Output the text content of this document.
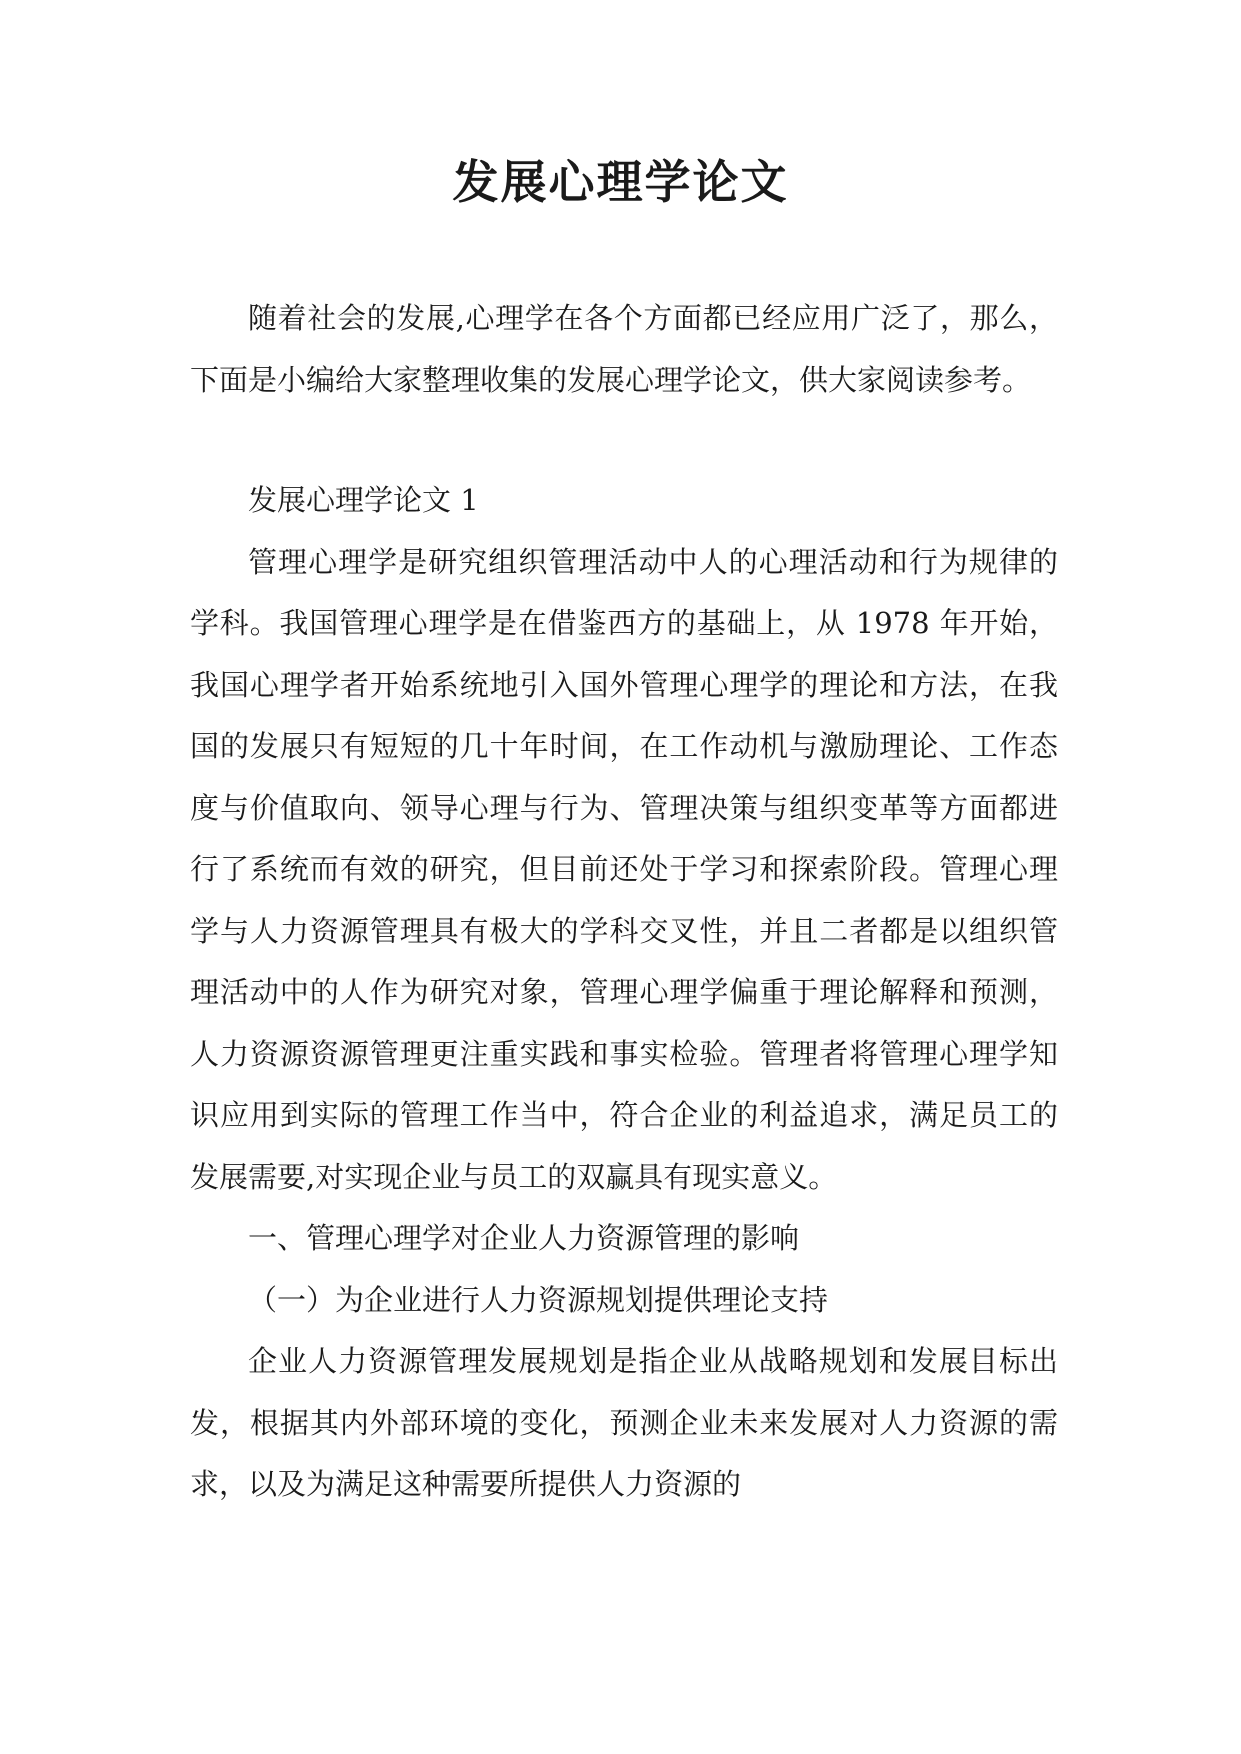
发展心理学论文

随着社会的发展,心理学在各个方面都已经应用广泛了，那么，下面是小编给大家整理收集的发展心理学论文，供大家阅读参考。

发展心理学论文 1

管理心理学是研究组织管理活动中人的心理活动和行为规律的学科。我国管理心理学是在借鉴西方的基础上，从 1978 年开始，我国心理学者开始系统地引入国外管理心理学的理论和方法，在我国的发展只有短短的几十年时间，在工作动机与激励理论、工作态度与价值取向、领导心理与行为、管理决策与组织变革等方面都进行了系统而有效的研究，但目前还处于学习和探索阶段。管理心理学与人力资源管理具有极大的学科交叉性，并且二者都是以组织管理活动中的人作为研究对象，管理心理学偏重于理论解释和预测，人力资源资源管理更注重实践和事实检验。管理者将管理心理学知识应用到实际的管理工作当中，符合企业的利益追求，满足员工的发展需要,对实现企业与员工的双赢具有现实意义。

一、管理心理学对企业人力资源管理的影响

（一）为企业进行人力资源规划提供理论支持

企业人力资源管理发展规划是指企业从战略规划和发展目标出发，根据其内外部环境的变化，预测企业未来发展对人力资源的需求，以及为满足这种需要所提供人力资源的
